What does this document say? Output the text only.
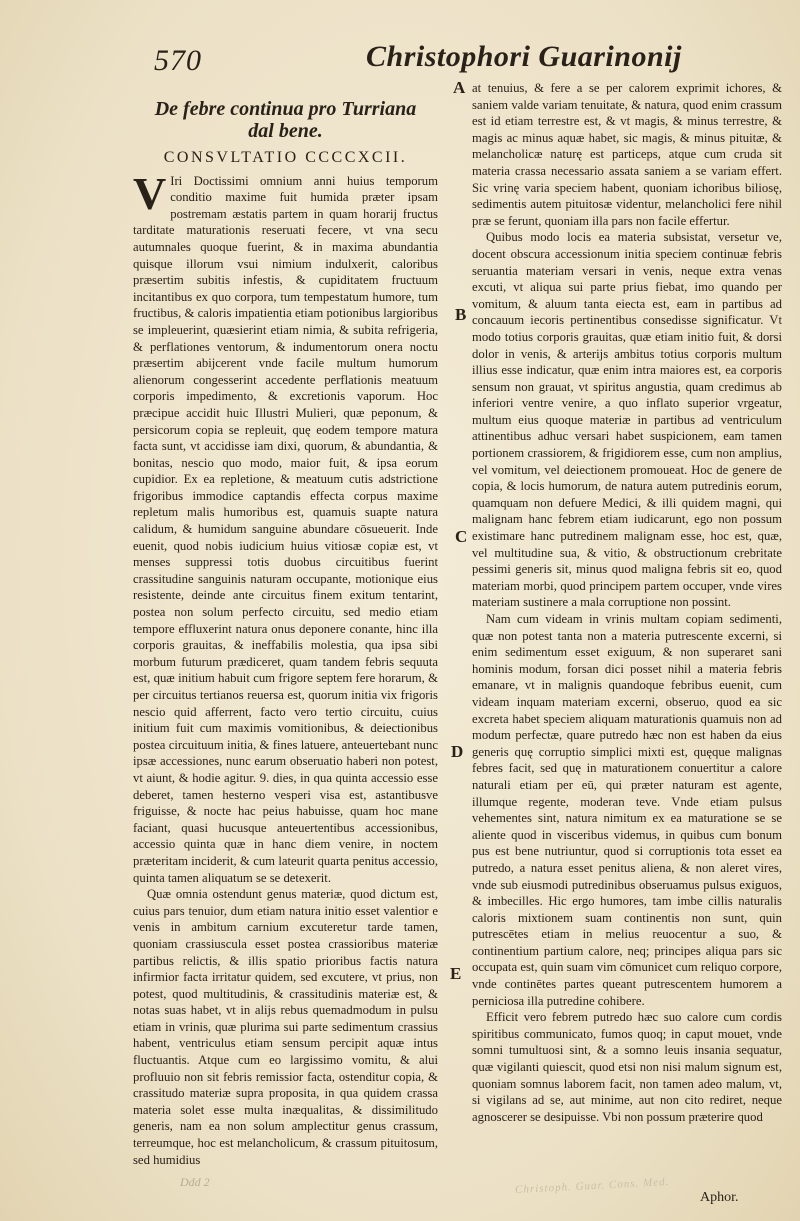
570	Christophori Guarinonij
De febre continua pro Turriana
dal bene.
CONSVLTATIO CCCCXCII.

V Iri Doctissimi omnium anni huius temporum conditio maxime fuit humida præter ipsam postremam æstatis partem in quam horarij fructus tarditate maturationis reseruati fecere, vt vna secu autumnales quoque fuerint, & in maxima abundantia quisque illorum vsui nimium indulxerit, caloribus præsertim subitis infestis, & cupiditatem fructuum incitantibus ex quo corpora, tum tempestatum humore, tum fructibus, & caloris impatientia etiam potionibus largioribus se impleuerint, quæsierint etiam nimia, & subita refrigeria, & perflationes ventorum, & indumentorum onera noctu præsertim abijcerent vnde facile multum humorum alienorum congesserint accedente perflationis meatuum corporis impedimento, & excretionis vaporum. Hoc præcipue accidit huic Illustri Mulieri, quæ peponum, & persicorum copia se repleuit, quę eodem tempore matura facta sunt, vt accidisse iam dixi, quorum, & abundantia, & bonitas, nescio quo modo, maior fuit, & ipsa eorum cupidior. Ex ea repletione, & meatuum cutis adstrictione frigoribus immodice captandis effecta corpus maxime repletum malis humoribus est, quamuis suapte natura calidum, & humidum sanguine abundare cōsueuerit. Inde euenit, quod nobis iudicium huius vitiosæ copiæ est, vt menses suppressi totis duobus circuitibus fuerint crassitudine sanguinis naturam occupante, motionique eius resistente, deinde ante circuitus finem exitum tentarint, postea non solum perfecto circuitu, sed medio etiam tempore effluxerint natura onus deponere conante, hinc illa corporis grauitas, & ineffabilis molestia, qua ipsa sibi morbum futurum prædiceret, quam tandem febris sequuta est, quæ initium habuit cum frigore septem fere horarum, & per circuitus tertianos reuersa est, quorum initia vix frigoris nescio quid afferrent, facto vero tertio circuitu, cuius initium fuit cum maximis vomitionibus, & deiectionibus postea circuituum initia, & fines latuere, anteuertebant nunc ipsæ accessiones, nunc earum obseruatio haberi non potest, vt aiunt, & hodie agitur. 9. dies, in qua quinta accessio esse deberet, tamen hesterno vesperi visa est, astantibusve friguisse, & nocte hac peius habuisse, quam hoc mane faciant, quasi hucusque anteuertentibus accessionibus, accessio quinta quæ in hanc diem venire, in noctem præteritam inciderit, & cum lateurit quarta penitus accessio, quinta tamen aliquatum se se detexerit.

Quæ omnia ostendunt genus materiæ, quod dictum est, cuius pars tenuior, dum etiam natura initio esset valentior e venis in ambitum carnium excuteretur tarde tamen, quoniam crassiuscula esset postea crassioribus materiæ partibus relictis, & illis spatio prioribus factis natura infirmior facta irritatur quidem, sed excutere, vt prius, non potest, quod multitudinis, & crassitudinis materiæ est, & notas suas habet, vt in alijs rebus quemadmodum in pulsu etiam in vrinis, quæ plurima sui parte sedimentum crassius habent, ventriculus etiam sensum percipit aquæ intus fluctuantis. Atque cum eo largissimo vomitu, & alui profluuio non sit febris remissior facta, ostenditur copia, & crassitudo materiæ supra proposita, in qua quidem crassa materia solet esse multa inæqualitas, & dissimilitudo generis, nam ea non solum amplectitur genus crassum, terreumque, hoc est melancholicum, & crassum pituitosum, sed humidius

A
B
C
D
E

at tenuius, & fere a se per calorem exprimit ichores, & saniem valde variam tenuitate, & natura, quod enim crassum est id etiam terrestre est, & vt magis, & minus terrestre, & magis ac minus aquæ habet, sic magis, & minus pituitæ, & melancholicæ naturę est particeps, atque cum cruda sit materia crassa necessario assata saniem a se variam effert. Sic vrinę varia speciem habent, quoniam ichoribus biliosę, sedimentis autem pituitosæ videntur, melancholici fere nihil præ se ferunt, quoniam illa pars non facile effertur.

Quibus modo locis ea materia subsistat, versetur ve, docent obscura accessionum initia speciem continuæ febris seruantia materiam versari in venis, neque extra venas excuti, vt aliqua sui parte prius fiebat, imo quando per vomitum, & aluum tanta eiecta est, eam in partibus ad concauum iecoris pertinentibus consedisse significatur. Vt modo totius corporis grauitas, quæ etiam initio fuit, & dorsi dolor in venis, & arterijs ambitus totius corporis multum illius esse indicatur, quæ enim intra maiores est, ea corporis sensum non grauat, vt spiritus angustia, quam credimus ab inferiori ventre venire, a quo inflato superior vrgeatur, multum eius quoque materiæ in partibus ad ventriculum attinentibus adhuc versari habet suspicionem, eam tamen portionem crassiorem, & frigidiorem esse, cum non amplius, vel vomitum, vel deiectionem promoueat. Hoc de genere de copia, & locis humorum, de natura autem putredinis eorum, quamquam non defuere Medici, & illi quidem magni, qui malignam hanc febrem etiam iudicarunt, ego non possum existimare hanc putredinem malignam esse, hoc est, quæ, vel multitudine sua, & vitio, & obstructionum crebritate pessimi generis sit, minus quod maligna febris sit eo, quod materiam morbi, quod principem partem occuper, vnde vires materiam sustinere a mala corruptione non possint.

Nam cum videam in vrinis multam copiam sedimenti, quæ non potest tanta non a materia putrescente excerni, si enim sedimentum esset exiguum, & non superaret sani hominis modum, forsan dici posset nihil a materia febris emanare, vt in malignis quandoque febribus euenit, cum videam inquam materiam excerni, obseruo, quod ea sic excreta habet speciem aliquam maturationis quamuis non ad modum perfectæ, quare putredo hæc non est haben da eius generis quę corruptio simplici mixti est, quęque malignas febres facit, sed quę in maturationem conuertitur a calore naturali etiam per eū, qui præter naturam est agente, illumque regente, moderan teve. Vnde etiam pulsus vehementes sint, natura nimitum ex ea maturatione se se aliente quod in visceribus videmus, in quibus cum bonum pus est bene nutriuntur, quod si corruptionis tota esset ea putredo, a natura esset penitus aliena, & non aleret vires, vnde sub eiusmodi putredinibus obseruamus pulsus exiguos, & imbecilles. Hic ergo humores, tam imbe cillis naturalis caloris mixtionem suam continentis non sunt, quin putrescētes etiam in melius reuocentur a suo, & continentium partium calore, neq; principes aliqua pars sic occupata est, quin suam vim cōmunicet cum reliquo corpore, vnde continētes partes queant putrescentem humorem a perniciosa illa putredine cohibere.

Efficit vero febrem putredo hæc suo calore cum cordis spiritibus communicato, fumos quoq; in caput mouet, vnde somni tumultuosi sint, & a somno leuis insania sequatur, quæ vigilanti quiescit, quod etsi non nisi malum signum est, quoniam somnus laborem facit, non tamen adeo malum, vt, si vigilans ad se, aut minime, aut non cito rediret, neque agnoscerer se desipuisse. Vbi non possum præterire quod

Ddd 2	Christoph. Guar. Cons. Med.
Aphor.
